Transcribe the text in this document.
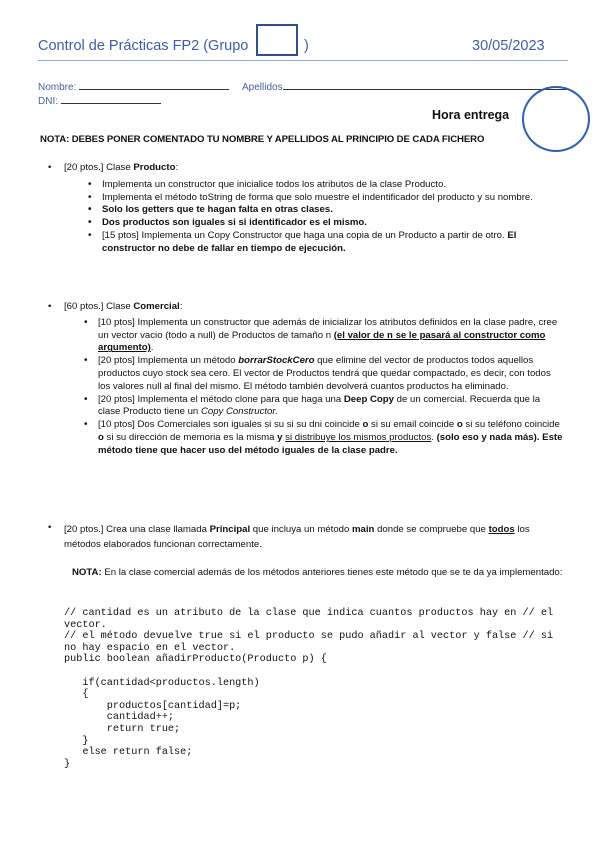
Control de Prácticas FP2 (Grupo	)	30/05/2023
Nombre:	Apellidos
DNI:
Hora entrega
NOTA: DEBES PONER COMENTADO TU NOMBRE Y APELLIDOS AL PRINCIPIO DE CADA FICHERO
• [20 ptos.] Clase Producto:
• Implementa un constructor que inicialice todos los atributos de la clase Producto.
• Implementa el método toString de forma que solo muestre el indentificador del producto y su nombre.
• Solo los getters que te hagan falta en otras clases.
• Dos productos son iguales si si identificador es el mismo.
• [15 ptos] Implementa un Copy Constructor que haga una copia de un Producto a partir de otro. El constructor no debe de fallar en tiempo de ejecución.
• [60 ptos.] Clase Comercial:
• [10 ptos] Implementa un constructor que además de inicializar los atributos definidos en la clase padre, cree un vector vacio (todo a null) de Productos de tamaño n (el valor de n se le pasará al constructor como argumento).
• [20 ptos] Implementa un método borrarStockCero que elimine del vector de productos todos aquellos productos cuyo stock sea cero. El vector de Productos tendrá que quedar compactado, es decir, con todos los valores null al final del mismo. El método también devolverá cuantos productos ha eliminado.
• [20 ptos] Implementa el método clone para que haga una Deep Copy de un comercial. Recuerda que la clase Producto tiene un Copy Constructor.
• [10 ptos] Dos Comerciales son iguales si su si su dni coincide o si su email coincide o si su teléfono coincide o si su dirección de memoria es la misma y si distribuye los mismos productos. (solo eso y nada más). Este método tiene que hacer uso del método iguales de la clase padre.
• [20 ptos.] Crea una clase llamada Principal que incluya un método main donde se compruebe que todos los métodos elaborados funcionan correctamente.
NOTA: En la clase comercial además de los métodos anteriores tienes este método que se te da ya implementado:
// cantidad es un atributo de la clase que indica cuantos productos hay en // el
vector.
// el método devuelve true si el producto se pudo añadir al vector y false // si
no hay espacio en el vector.
public boolean añadirProducto(Producto p) {

if(cantidad<productos.length)
{
productos[cantidad]=p;
cantidad++;
return true;
}
else return false;
}
